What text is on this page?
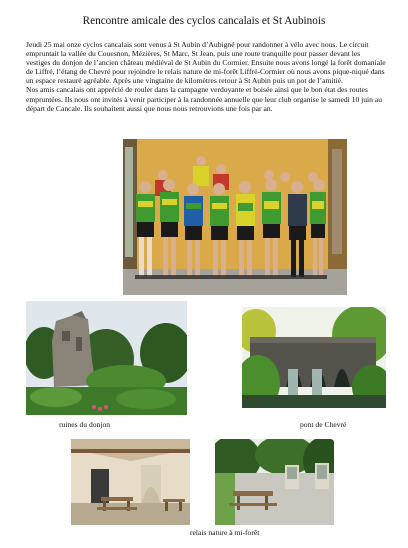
Rencontre amicale des cyclos cancalais et St Aubinois

Jeudi 25 mai onze cyclos cancalais sont venus à St Aubin d’Aubigné pour randonner à vélo avec nous. Le circuit empruntait la vallée du Couesnon, Mézières, St Marc, St Jean, puis une route tranquille pour passer devant les vestiges du donjon de l’ancien château médiéval de St Aubin du Cormier. Ensuite nous avons longé la forêt domaniale de Liffré, l’étang de Chevré pour rejoindre le relais nature de mi-forêt Liffré-Cormier où nous avons pique-niqué dans un espace restauré agréable. Après une vingtaine de kilomètres retour à St Aubin puis un pot de l’amitié.

Nos amis cancalais ont apprécié de rouler dans la campagne verdoyante et boisée ainsi que le bon état des routes empruntées. Ils nous ont invités à venir participer à la randonnée annuelle que leur club organise le samedi 10 juin au départ de Cancale. Ils souhaitent aussi que nous nous retrouvions une fois par an.

ruines du donjon	pont de Chevré
relais nature à mi-forêt
